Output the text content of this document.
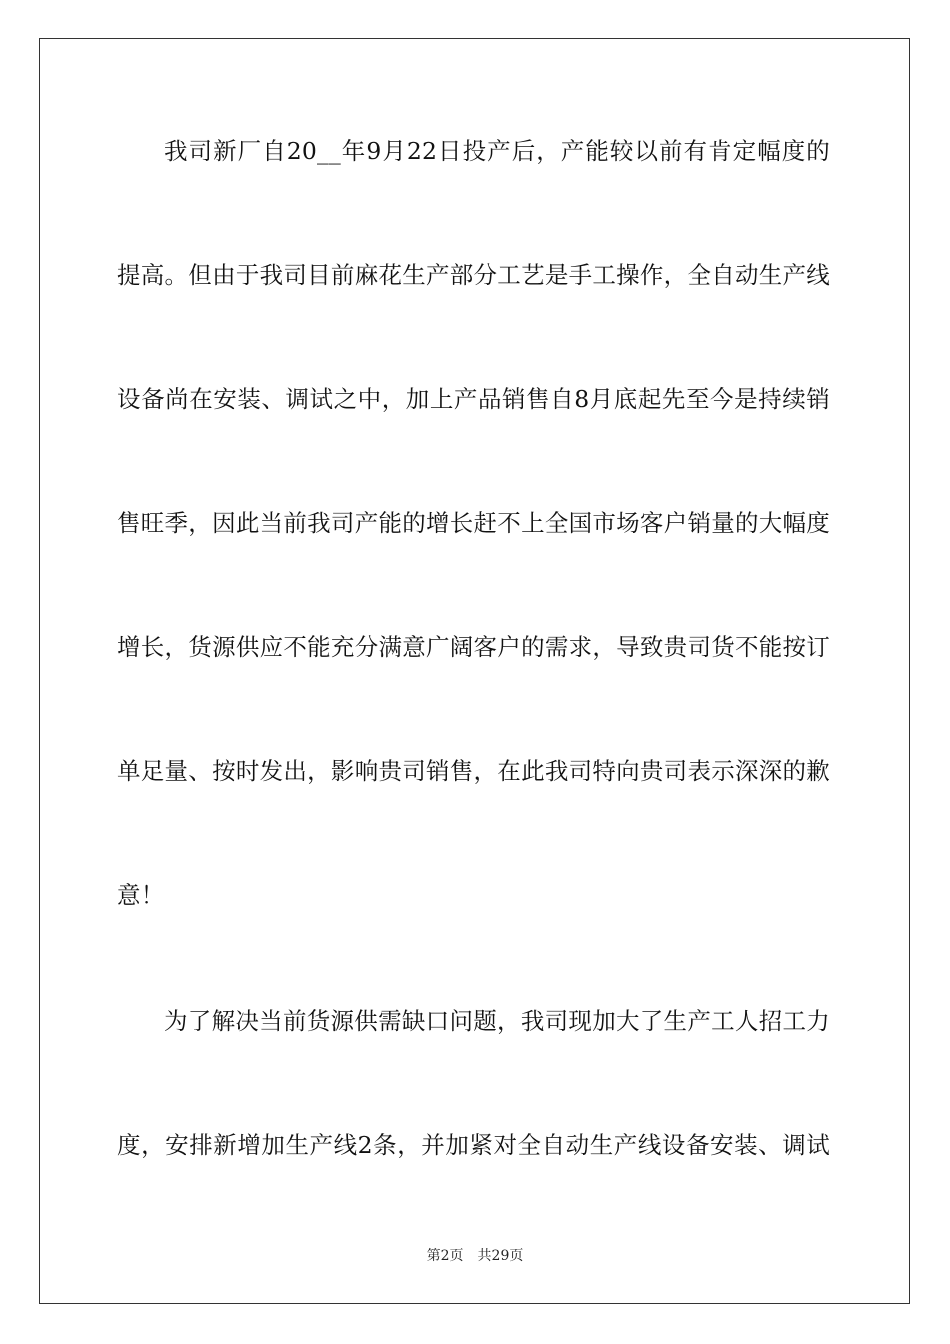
我司新厂自20__年9月22日投产后，产能较以前有肯定幅度的
提高。但由于我司目前麻花生产部分工艺是手工操作，全自动生产线
设备尚在安装、调试之中，加上产品销售自8月底起先至今是持续销
售旺季，因此当前我司产能的增长赶不上全国市场客户销量的大幅度
增长，货源供应不能充分满意广阔客户的需求，导致贵司货不能按订
单足量、按时发出，影响贵司销售，在此我司特向贵司表示深深的歉
意！
为了解决当前货源供需缺口问题，我司现加大了生产工人招工力
度，安排新增加生产线2条，并加紧对全自动生产线设备安装、调试
第2页　共29页
